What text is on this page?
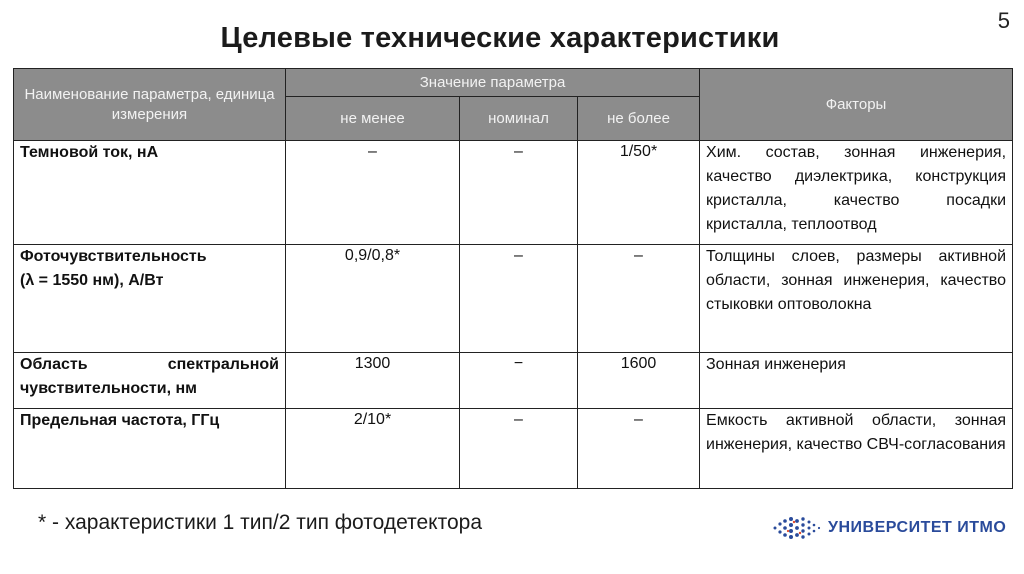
5
Целевые технические характеристики
Наименование параметра, единица измерения	Значение параметра			Факторы
	не менее	номинал	не более	
Темновой ток, нА	–	–	1/50*	Хим. состав, зонная инженерия, качество диэлектрика, конструкция кристалла, качество посадки кристалла, теплоотвод

Фоточувствительность
(λ = 1550 нм), А/Вт	0,9/0,8*	–	–	Толщины слоев, размеры активной области, зонная инженерия, качество стыковки оптоволокна

Область спектральной
чувствительности, нм	1300	−	1600	Зонная инженерия
Предельная частота, ГГц	2/10*	–	–	Емкость активной области, зонная инженерия, качество СВЧ-согласования
* - характеристики 1 тип/2 тип фотодетектора	УНИВЕРСИТЕТ ИТМО
